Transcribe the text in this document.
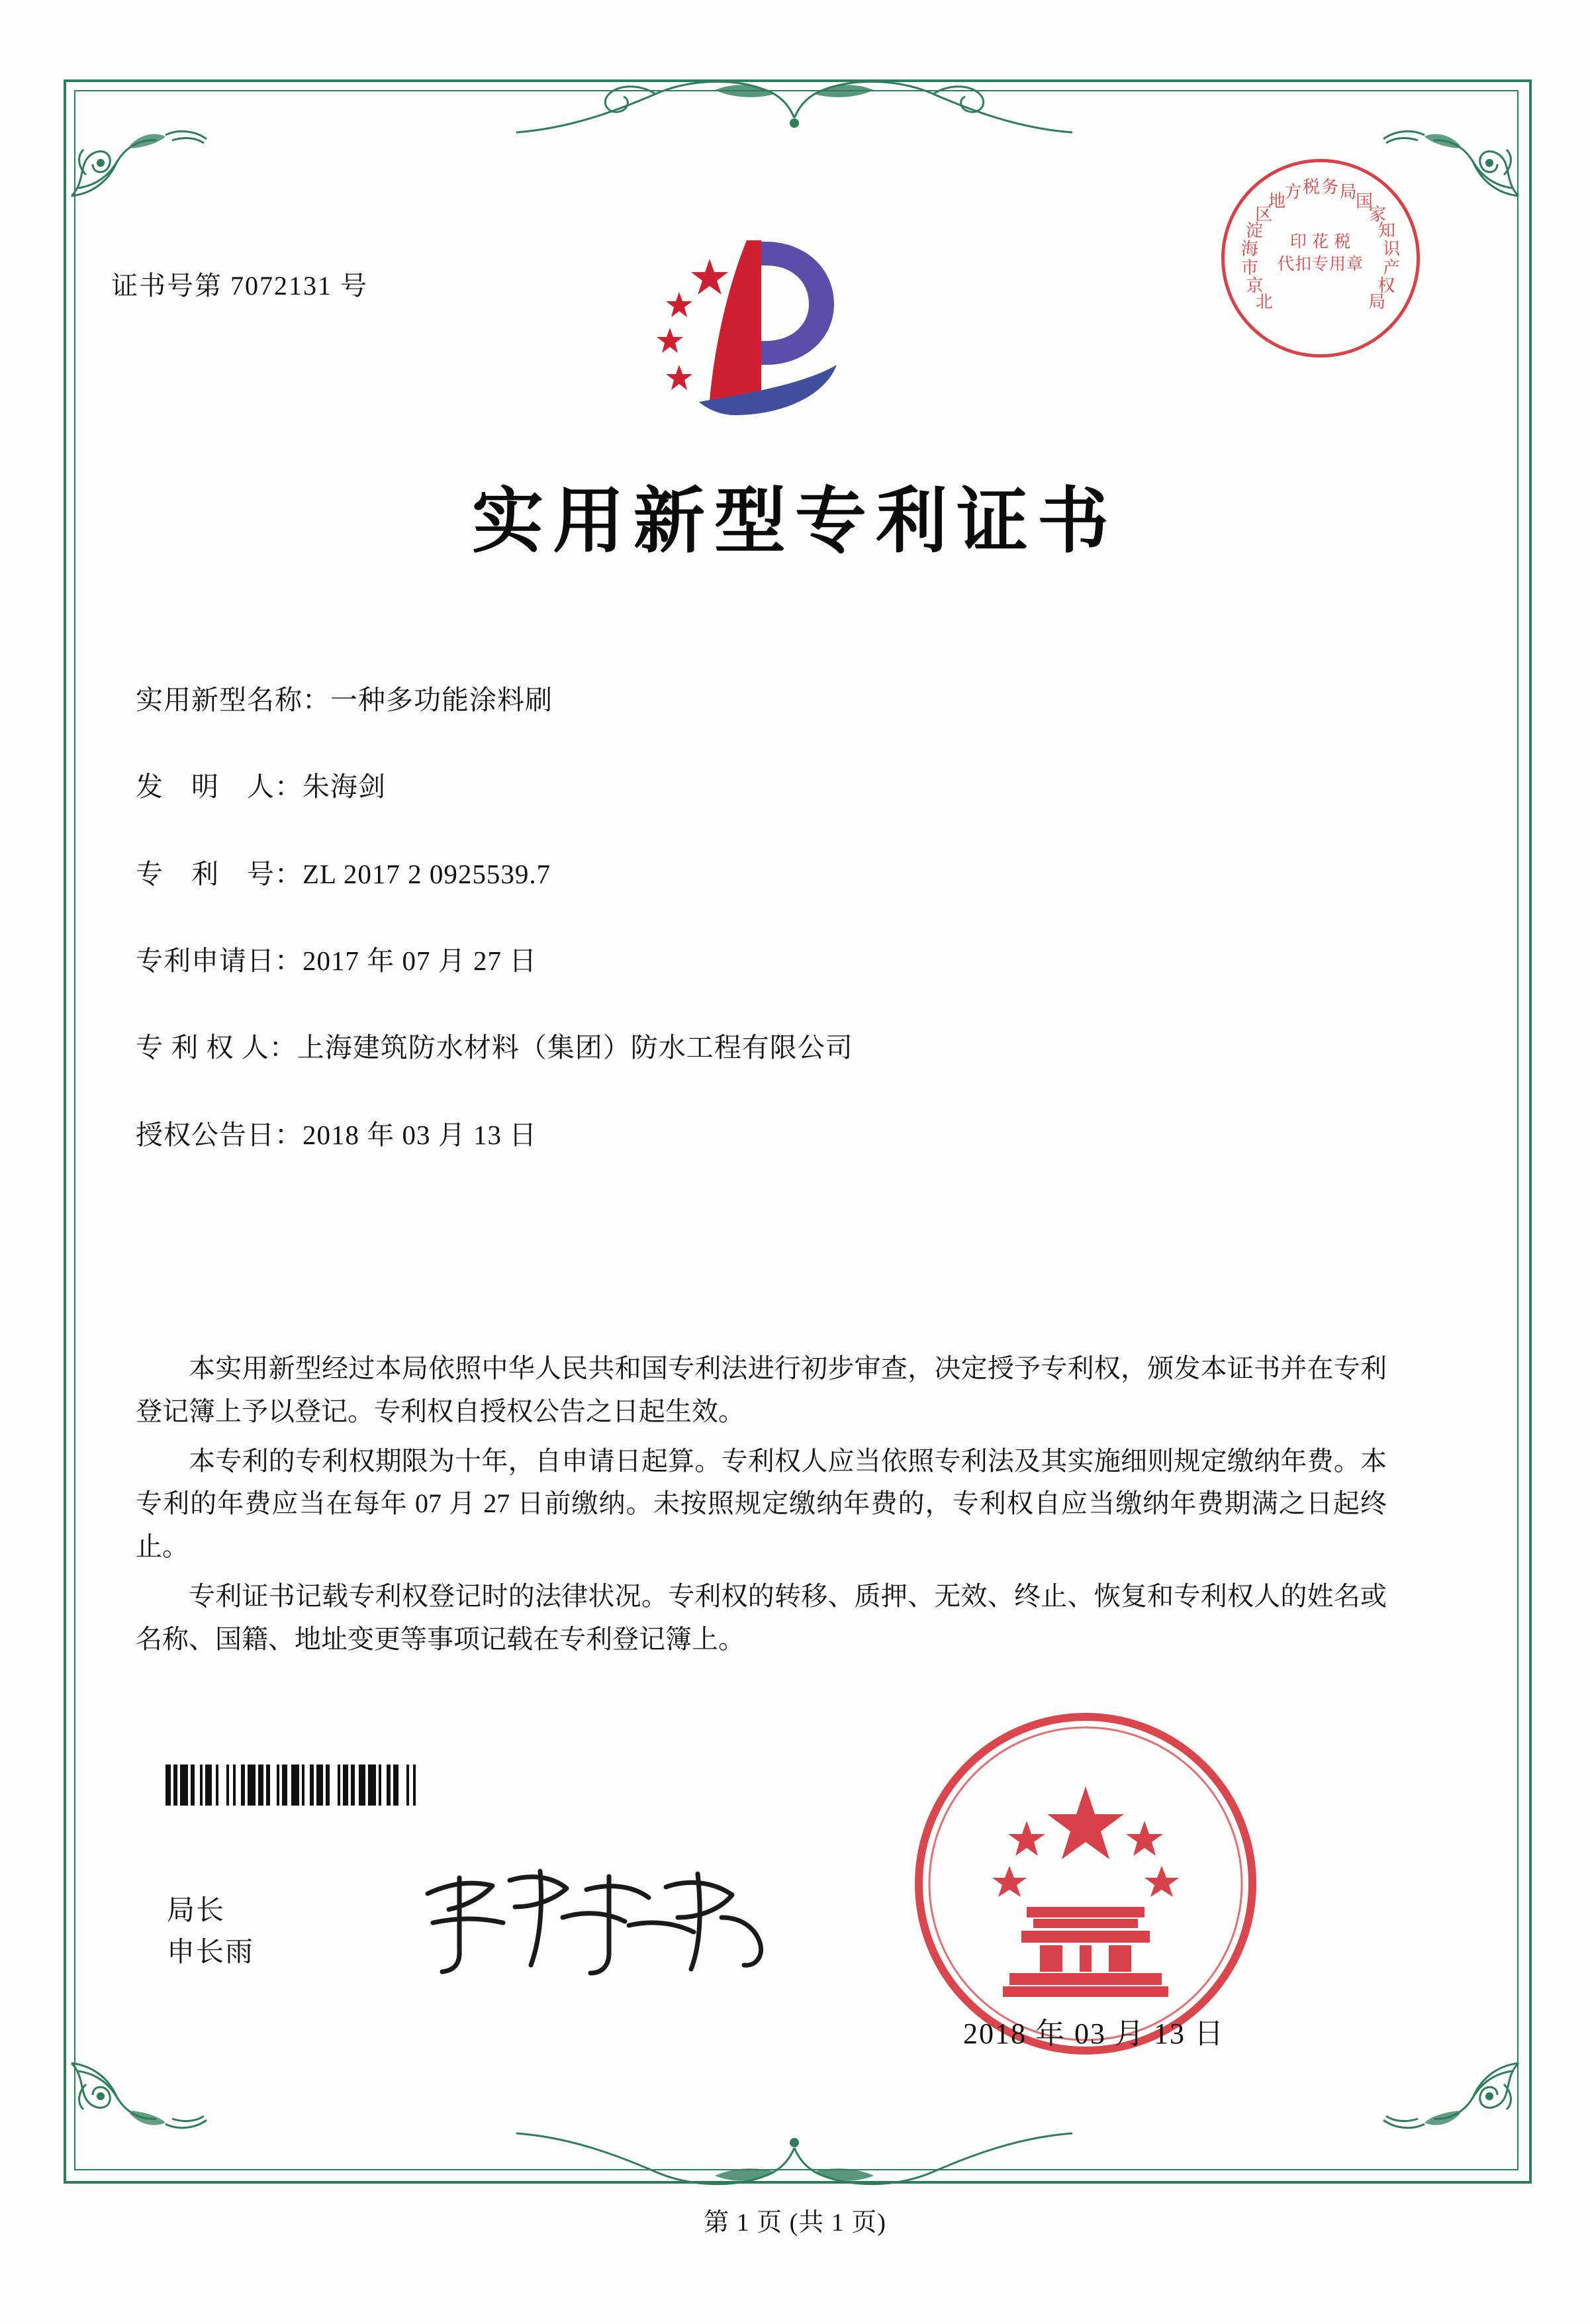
证书号第 7072131 号
印 花 税
代扣专用章
北
京
市
海
淀
区
地
方 税 务 局
国
家
知
识
产
权
局
实用新型专利证书
实用新型名称：一种多功能涂料刷
发　明　人：朱海剑
专　利　号：ZL 2017 2 0925539.7
专利申请日：2017 年 07 月 27 日
专 利 权 人：上海建筑防水材料（集团）防水工程有限公司
授权公告日：2018 年 03 月 13 日

本实用新型经过本局依照中华人民共和国专利法进行初步审查，决定授予专利权，颁发本证书并在专利登记簿上予以登记。专利权自授权公告之日起生效。

本专利的专利权期限为十年，自申请日起算。专利权人应当依照专利法及其实施细则规定缴纳年费。本专利的年费应当在每年 07 月 27 日前缴纳。未按照规定缴纳年费的，专利权自应当缴纳年费期满之日起终止。

专利证书记载专利权登记时的法律状况。专利权的转移、质押、无效、终止、恢复和专利权人的姓名或名称、国籍、地址变更等事项记载在专利登记簿上。

局长
申长雨
2018 年 03 月 13 日
第 1 页 (共 1 页)
